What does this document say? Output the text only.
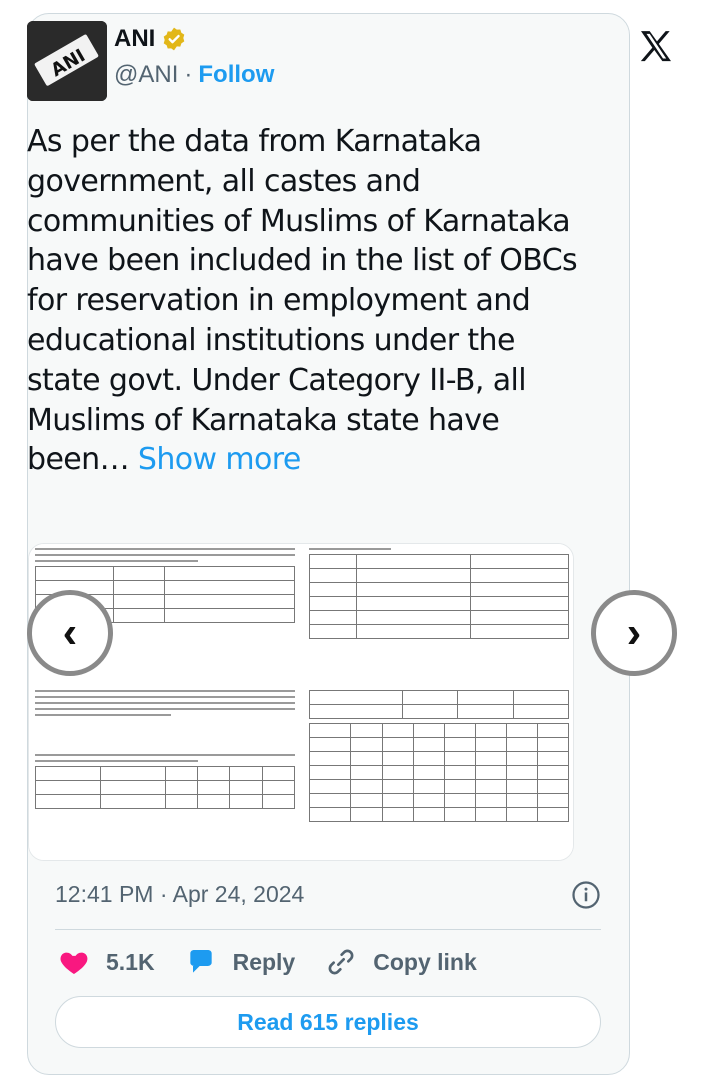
ANI
ANI
@ANI · Follow
As per the data from Karnataka government, all castes and communities of Muslims of Karnataka have been included in the list of OBCs for reservation in employment and educational institutions under the state govt. Under Category II-B, all Muslims of Karnataka state have been… Show more

‹	›
12:41 PM · Apr 24, 2024
5.1K	Reply	Copy link
Read 615 replies
